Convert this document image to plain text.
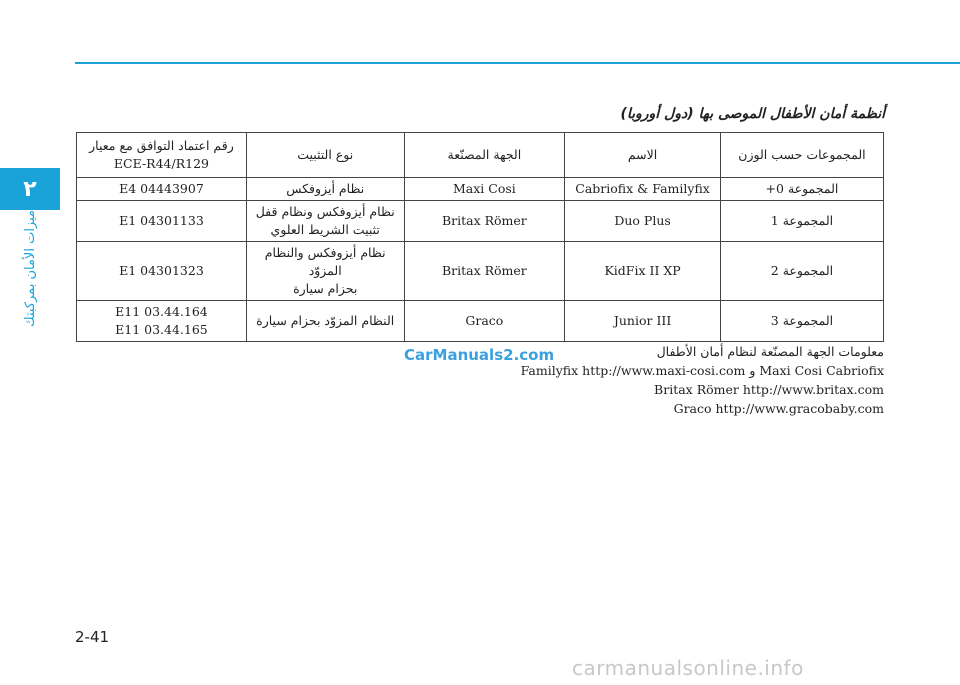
٢
ميزات الأمان بمركبتك
أنظمة أمان الأطفال الموصى بها (دول أوروبا)
المجموعات حسب الوزن	الاسم	الجهة المصنّعة	نوع التثبيت	رقم اعتماد التوافق مع معيار
ECE-R44/R129

المجموعة ‎0+	Cabriofix & Familyfix	Maxi Cosi	نظام أيزوفكس	E4 04443907
المجموعة 1	Duo Plus	Britax Römer	نظام أيزوفكس ونظام قفل
تثبيت الشريط العلوي	E1 04301133
المجموعة 2	KidFix II XP	Britax Römer	نظام أيزوفكس والنظام المزوّد
بحزام سيارة	E1 04301323
المجموعة 3	Junior III	Graco	النظام المزوّد بحزام سيارة	E11 03.44.164
E11 03.44.165
معلومات الجهة المصنّعة لنظام أمان الأطفال
Maxi Cosi Cabriofix و Familyfix http://www.maxi-cosi.com
Britax Römer http://www.britax.com
Graco http://www.gracobaby.com
CarManuals2.com
2-41
carmanualsonline.info
